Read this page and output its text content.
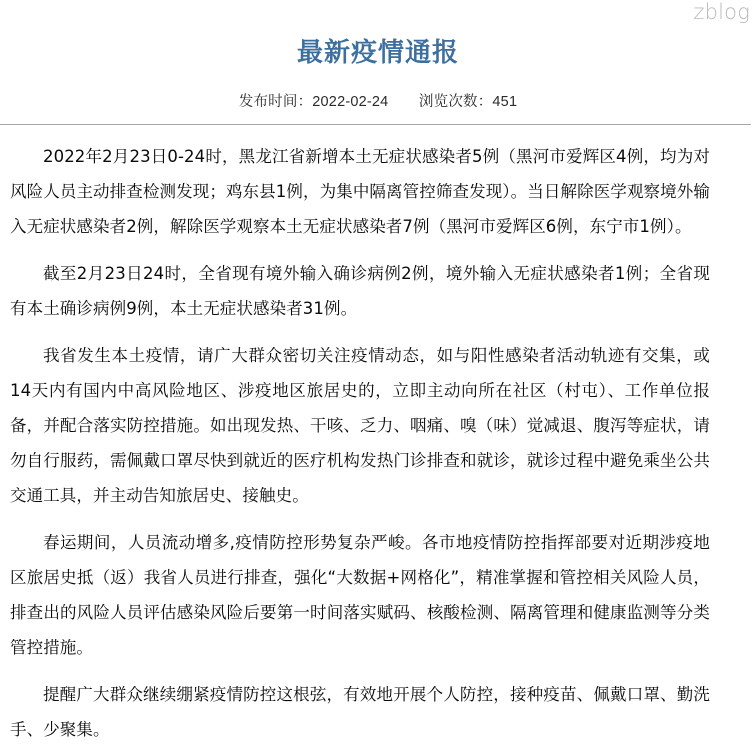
zblog
最新疫情通报
发布时间：2022-02-24 浏览次数：451

2022年2月23日0-24时，黑龙江省新增本土无症状感染者5例（黑河市爱辉区4例，均为对风险人员主动排查检测发现；鸡东县1例，为集中隔离管控筛查发现）。当日解除医学观察境外输入无症状感染者2例，解除医学观察本土无症状感染者7例（黑河市爱辉区6例，东宁市1例）。

截至2月23日24时，全省现有境外输入确诊病例2例，境外输入无症状感染者1例；全省现有本土确诊病例9例，本土无症状感染者31例。

我省发生本土疫情，请广大群众密切关注疫情动态，如与阳性感染者活动轨迹有交集，或14天内有国内中高风险地区、涉疫地区旅居史的，立即主动向所在社区（村屯）、工作单位报备，并配合落实防控措施。如出现发热、干咳、乏力、咽痛、嗅（味）觉减退、腹泻等症状，请勿自行服药，需佩戴口罩尽快到就近的医疗机构发热门诊排查和就诊，就诊过程中避免乘坐公共交通工具，并主动告知旅居史、接触史。

春运期间，人员流动增多,疫情防控形势复杂严峻。各市地疫情防控指挥部要对近期涉疫地区旅居史抵（返）我省人员进行排查，强化“大数据+网格化”，精准掌握和管控相关风险人员，排查出的风险人员评估感染风险后要第一时间落实赋码、核酸检测、隔离管理和健康监测等分类管控措施。

提醒广大群众继续绷紧疫情防控这根弦，有效地开展个人防控，接种疫苗、佩戴口罩、勤洗手、少聚集。
